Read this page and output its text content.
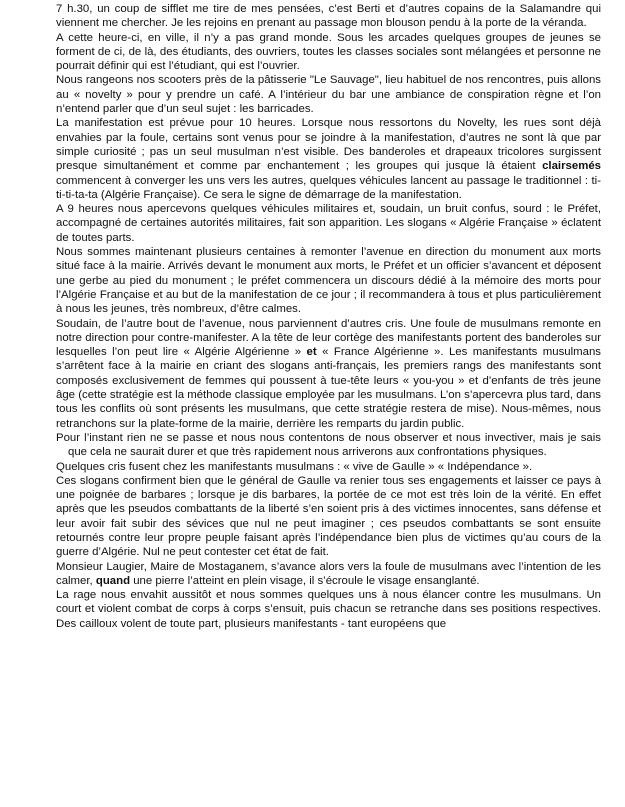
7 h.30, un coup de sifflet me tire de mes pensées, c’est Berti et d’autres copains de la Salamandre qui viennent me chercher. Je les rejoins en prenant au passage mon blouson pendu à la porte de la véranda.

A cette heure-ci, en ville, il n’y a pas grand monde. Sous les arcades quelques groupes de jeunes se forment de ci, de là, des étudiants, des ouvriers, toutes les classes sociales sont mélangées et personne ne pourrait définir qui est l’étudiant, qui est l’ouvrier.

Nous rangeons nos scooters près de la pâtisserie "Le Sauvage", lieu habituel de nos rencontres, puis allons au « novelty » pour y prendre un café. A l’intérieur du bar une ambiance de conspiration règne et l’on n’entend parler que d’un seul sujet : les barricades.

La manifestation est prévue pour 10 heures. Lorsque nous ressortons du Novelty, les rues sont déjà envahies par la foule, certains sont venus pour se joindre à la manifestation, d’autres ne sont là que par simple curiosité ; pas un seul musulman n’est visible. Des banderoles et drapeaux tricolores surgissent presque simultanément et comme par enchantement ; les groupes qui jusque là étaient clairsemés commencent à converger les uns vers les autres, quelques véhicules lancent au passage le traditionnel : ti-ti-ti-ta-ta (Algérie Française). Ce sera le signe de démarrage de la manifestation.

A 9 heures nous apercevons quelques véhicules militaires et, soudain, un bruit confus, sourd : le Préfet, accompagné de certaines autorités militaires, fait son apparition. Les slogans « Algérie Française » éclatent de toutes parts.

Nous sommes maintenant plusieurs centaines à remonter l’avenue en direction du monument aux morts situé face à la mairie. Arrivés devant le monument aux morts, le Préfet et un officier s’avancent et déposent une gerbe au pied du monument ; le préfet commencera un discours dédié à la mémoire des morts pour l’Algérie Française et au but de la manifestation de ce jour ; il recommandera à tous et plus particulièrement à nous les jeunes, très nombreux, d’être calmes.

Soudain, de l’autre bout de l’avenue, nous parviennent d’autres cris. Une foule de musulmans remonte en notre direction pour contre-manifester. A la tête de leur cortège des manifestants portent des banderoles sur lesquelles l’on peut lire « Algérie Algérienne » et « France Algérienne ». Les manifestants musulmans s’arrêtent face à la mairie en criant des slogans anti-français, les premiers rangs des manifestants sont composés exclusivement de femmes qui poussent à tue-tête leurs « you-you » et d’enfants de très jeune âge (cette stratégie est la méthode classique employée par les musulmans. L’on s’apercevra plus tard, dans tous les conflits où sont présents les musulmans, que cette stratégie restera de mise). Nous-mêmes, nous retranchons sur la plate-forme de la mairie, derrière les remparts du jardin public.

Pour l’instant rien ne se passe et nous nous contentons de nous observer et nous invectiver, mais je sais que cela ne saurait durer et que très rapidement nous arriverons aux confrontations physiques.

Quelques cris fusent chez les manifestants musulmans : « vive de Gaulle » « Indépendance ».

Ces slogans confirment bien que le général de Gaulle va renier tous ses engagements et laisser ce pays à une poignée de barbares ; lorsque je dis barbares, la portée de ce mot est très loin de la vérité. En effet après que les pseudos combattants de la liberté s’en soient pris à des victimes innocentes, sans défense et leur avoir fait subir des sévices que nul ne peut imaginer ; ces pseudos combattants se sont ensuite retournés contre leur propre peuple faisant après l’indépendance bien plus de victimes qu’au cours de la guerre d’Algérie. Nul ne peut contester cet état de fait.

Monsieur Laugier, Maire de Mostaganem, s’avance alors vers la foule de musulmans avec l’intention de les calmer, quand une pierre l’atteint en plein visage, il s’écroule le visage ensanglanté.

La rage nous envahit aussitôt et nous sommes quelques uns à nous élancer contre les musulmans. Un court et violent combat de corps à corps s’ensuit, puis chacun se retranche dans ses positions respectives. Des cailloux volent de toute part, plusieurs manifestants - tant européens que
